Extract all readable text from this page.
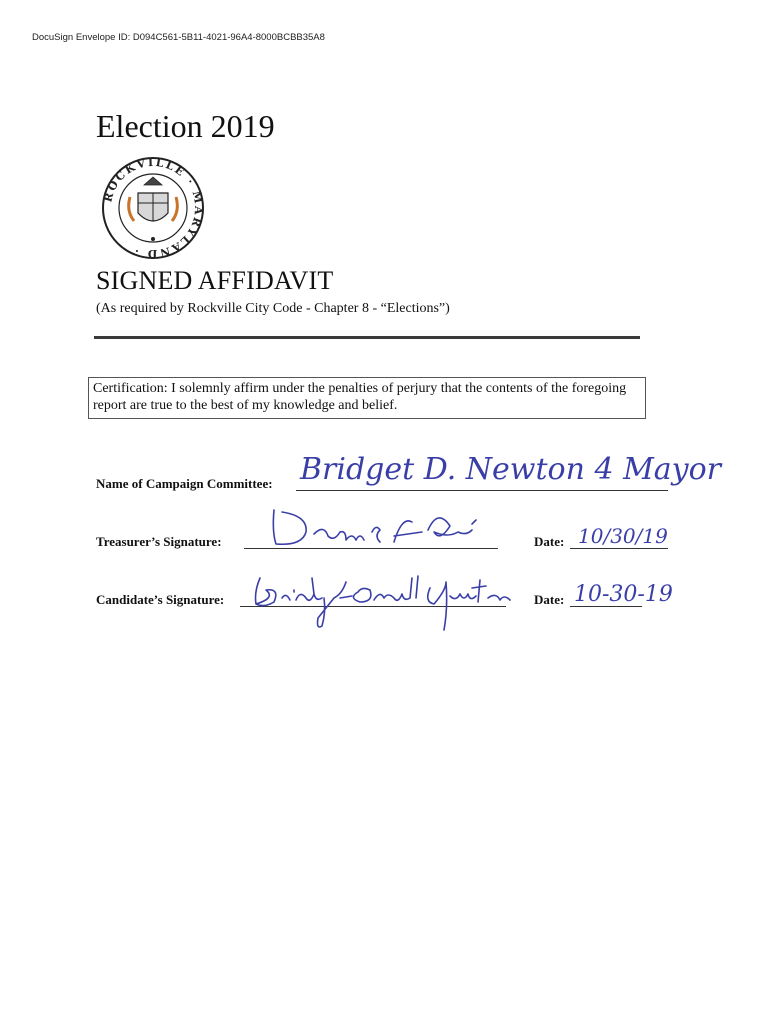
DocuSign Envelope ID: D094C561-5B11-4021-96A4-8000BCBB35A8
Election 2019
ROCKVILLE · MARYLAND ·
SIGNED AFFIDAVIT
(As required by Rockville City Code - Chapter 8 - “Elections”)
Certification: I solemnly affirm under the penalties of perjury that the contents of the foregoing report are true to the best of my knowledge and belief.
Name of Campaign Committee: Bridget D. Newton 4 Mayor
Treasurer’s Signature:	Date: 10/30/19
Candidate’s Signature:	Date: 10-30-19
